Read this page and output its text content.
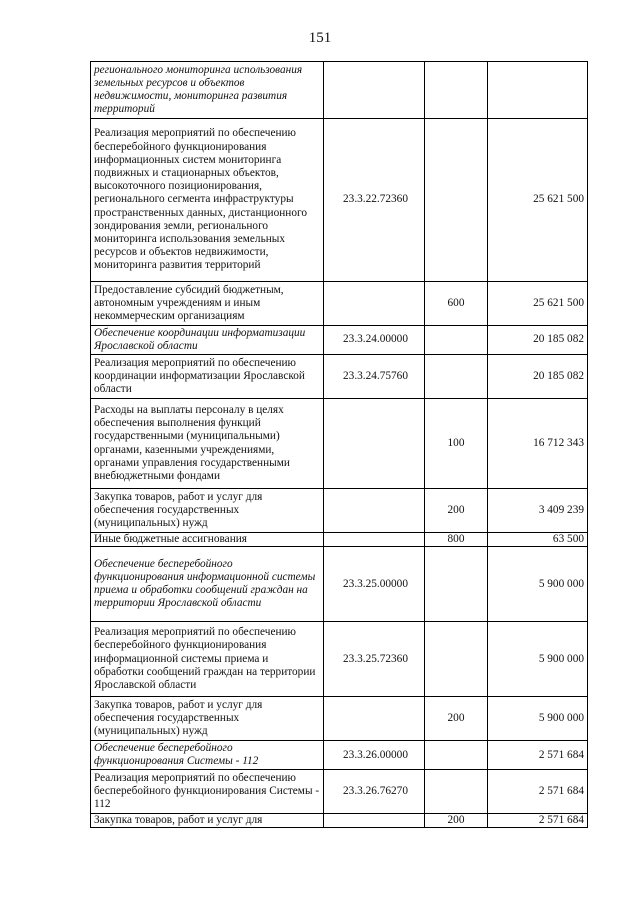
151
регионального мониторинга использования земельных ресурсов и объектов недвижимости, мониторинга развития территорий			
Реализация мероприятий по обеспечению бесперебойного функционирования информационных систем мониторинга подвижных и стационарных объектов, высокоточного позиционирования, регионального сегмента инфраструктуры пространственных данных, дистанционного зондирования земли, регионального мониторинга использования земельных ресурсов и объектов недвижимости, мониторинга развития территорий	23.3.22.72360		25 621 500
Предоставление субсидий бюджетным, автономным учреждениям и иным некоммерческим организациям		600	25 621 500
Обеспечение координации информатизации Ярославской области	23.3.24.00000		20 185 082
Реализация мероприятий по обеспечению координации информатизации Ярославской области	23.3.24.75760		20 185 082
Расходы на выплаты персоналу в целях обеспечения выполнения функций государственными (муниципальными) органами, казенными учреждениями, органами управления государственными внебюджетными фондами		100	16 712 343
Закупка товаров, работ и услуг для обеспечения государственных (муниципальных) нужд		200	3 409 239
Иные бюджетные ассигнования		800	63 500
Обеспечение бесперебойного функционирования информационной системы приема и обработки сообщений граждан на территории Ярославской области	23.3.25.00000		5 900 000
Реализация мероприятий по обеспечению бесперебойного функционирования информационной системы приема и обработки сообщений граждан на территории Ярославской области	23.3.25.72360		5 900 000
Закупка товаров, работ и услуг для обеспечения государственных (муниципальных) нужд		200	5 900 000
Обеспечение бесперебойного функционирования Системы - 112	23.3.26.00000		2 571 684
Реализация мероприятий по обеспечению бесперебойного функционирования Системы - 112	23.3.26.76270		2 571 684
Закупка товаров, работ и услуг для		200	2 571 684
